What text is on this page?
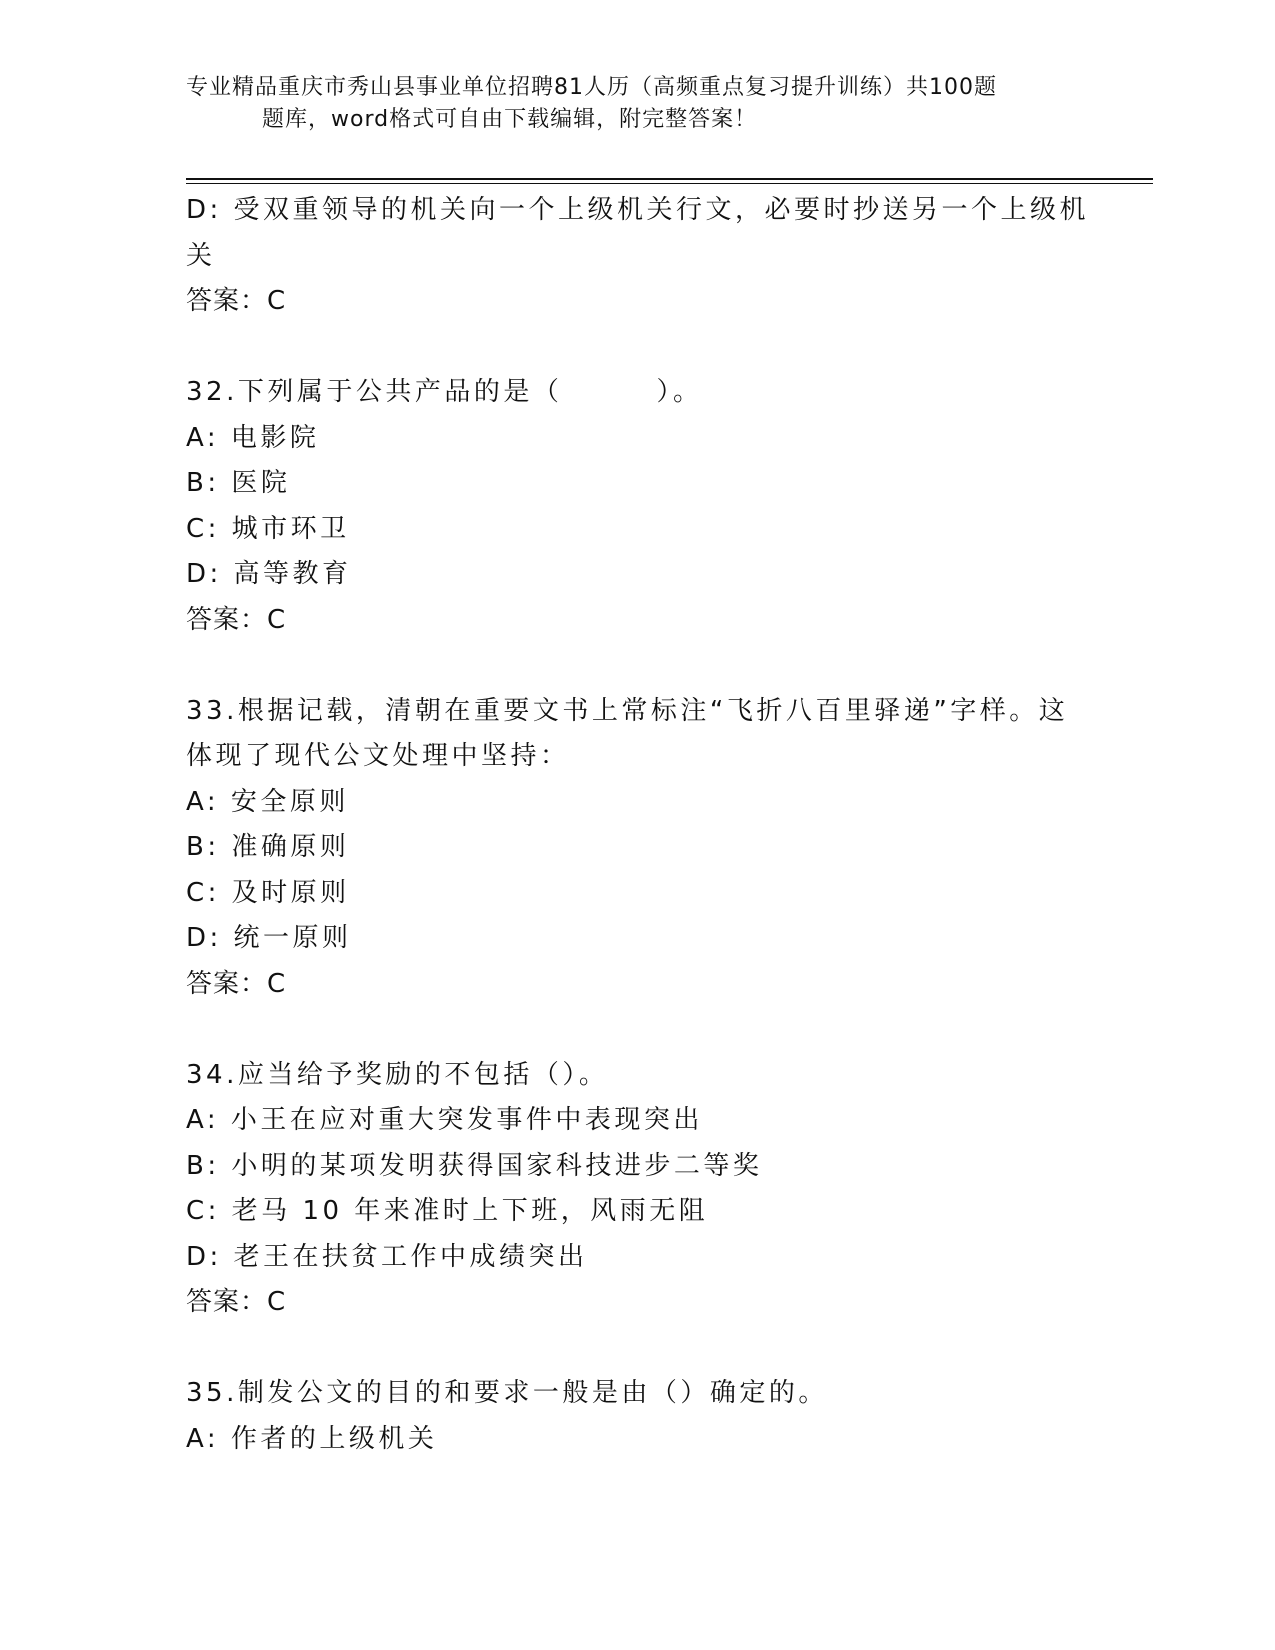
专业精品重庆市秀山县事业单位招聘81人历（高频重点复习提升训练）共100题
题库，word格式可自由下载编辑，附完整答案！

D: 受双重领导的机关向一个上级机关行文，必要时抄送另一个上级机

关

答案：C

32.下列属于公共产品的是（        ）。

A: 电影院

B: 医院

C: 城市环卫

D: 高等教育

答案：C

33.根据记载，清朝在重要文书上常标注“飞折八百里驿递”字样。这

体现了现代公文处理中坚持：

A: 安全原则

B: 准确原则

C: 及时原则

D: 统一原则

答案：C

34.应当给予奖励的不包括（）。

A: 小王在应对重大突发事件中表现突出

B: 小明的某项发明获得国家科技进步二等奖

C: 老马 10 年来准时上下班，风雨无阻

D: 老王在扶贫工作中成绩突出

答案：C

35.制发公文的目的和要求一般是由（）确定的。

A: 作者的上级机关
